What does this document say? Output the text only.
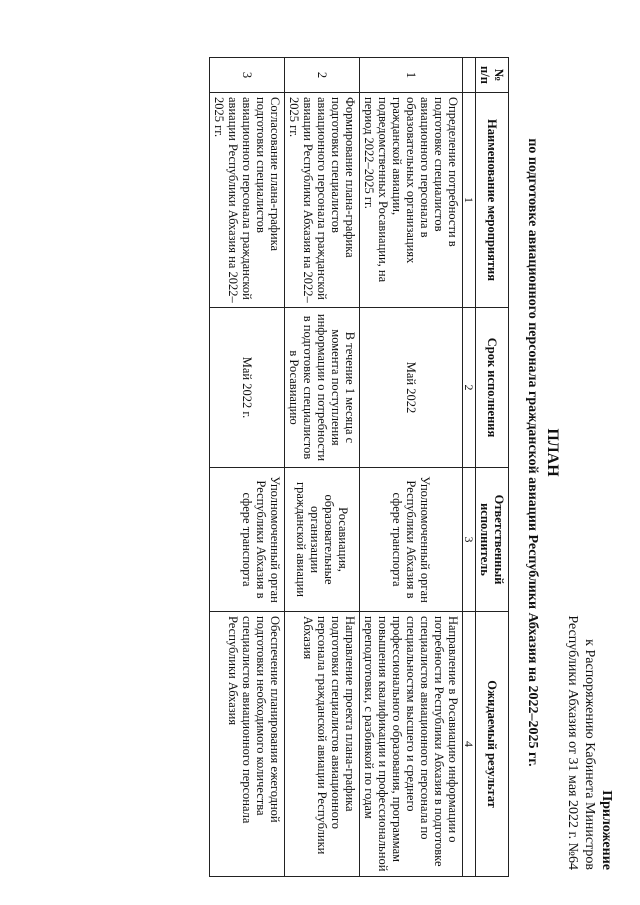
Приложение
к Распоряжению Кабинета Министров
Республики Абхазия от 31 мая 2022 г. №64
ПЛАН
по подготовке авиационного персонала гражданской авиации Республики Абхазия на 2022–2025 гг.
№ п/п	Наименование мероприятия	Срок исполнения	Ответственный исполнитель	Ожидаемый результат
	1	2	3	4
1	Определение потребности в подготовке специалистов авиационного персонала в образовательных организациях гражданской авиации, подведомственных Росавиации, на период 2022–2025 гг.	Май 2022	Уполномоченный орган Республики Абхазия в сфере транспорта	Направление в Росавиацию информации о потребности Республики Абхазия в подготовке специалистов авиационного персонала по специальностям высшего и среднего профессионального образования, программам повышения квалификации и профессиональной переподготовки, с разбивкой по годам
2	Формирование плана-графика подготовки специалистов авиационного персонала гражданской авиации Республики Абхазия на 2022–2025 гг.	В течение 1 месяца с момента поступления информации о потребности в подготовке специалистов в Росавиацию	Росавиация, образовательные организации гражданской авиации	Направление проекта плана-графика подготовки специалистов авиационного персонала гражданской авиации Республики Абхазия
3	Согласование плана-графика подготовки специалистов авиационного персонала гражданской авиации Республики Абхазия на 2022–2025 гг.	Май 2022 г.	Уполномоченный орган Республики Абхазия в сфере транспорта	Обеспечение планирования ежегодной подготовки необходимого количества специалистов авиационного персонала Республики Абхазия
